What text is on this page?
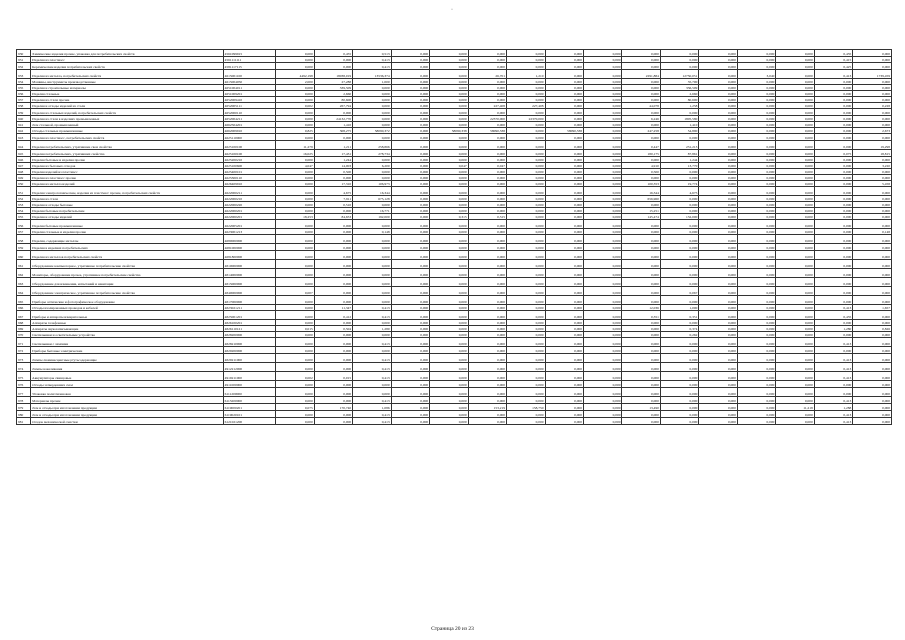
·
930	Химические изделия прочие, упаковка для потребительских свойств	4561099915	0,000	0,455	0,513	0,000	0,000	0,000	0,000	0,000	0,000	0,000	0,000	0,000	0,000	0,000	0,435	0,000
931	Изделия из пластмасс	4561111111	0,000	0,000	0,413	0,000	0,000	0,000	0,000	0,000	0,000	0,000	0,000	0,000	0,000	0,000	0,415	0,000
932	Керамические изделия потребительских свойств	4581117115	0,000	0,000	0,413	0,000	0,000	0,000	0,000	0,000	0,000	0,000	0,000	0,000	0,000	0,000	0,425	0,000
933	Изделия из металла, потребительских свойств	4615001100	4492,198	18038,019	13536,374	0,000	0,000	26,701	1,210	0,000	0,000	2291,884	12750,051	0,000	3,040	0,000	0,413	1739,459
934	Машины, инструменты производственные	4615004050	2,000	27,288	1,000	0,000	0,000	0,000	0,000	0,000	0,000	0,000	35,700	0,000	0,000	0,000	0,000	0,000
935	Изделия и строительные материалы	4651004011	0,000	339,509	0,000	0,000	0,000	0,000	0,000	0,000	0,000	0,000	336,509	0,000	0,000	0,000	0,000	0,000
936	Изделия стальные	4651009201	0,000	2,660	0,000	0,000	0,000	0,000	0,000	0,000	0,000	0,000	2,660	0,000	0,000	0,000	0,000	0,000
937	Изделия из стали прочие	4652009410	0,000	80,600	0,000	0,000	0,000	0,000	0,000	0,000	0,000	0,000	80,600	0,000	0,000	0,000	0,000	0,000
938	Изделия и отходы изделий из стали	4652005111	0,002	267,794	0,000	0,000	0,000	227,408	227,408	0,000	0,000	44,078	1,258	0,000	0,000	0,000	0,000	0,228
939	Изделия из стальных изделий, потребительских свойств	4652000110	0,000	0,000	0,000	0,000	0,000	0,000	0,000	0,000	0,000	0,000	0,000	0,000	0,000	0,000	0,000	0,000
940	Изделия из стали в изделиях промышленных	4652004211	0,000	24132,770	0,000	0,000	0,000	22370,000	22370,000	0,000	0,000	6,246	1805,580	0,000	0,000	0,000	0,000	0,000
941	Лом стальной, промышленный	4662504201	0,000	1,410	0,000	0,000	0,000	0,000	0,000	0,000	0,000	0,000	1,410	0,000	0,000	0,000	0,000	0,000
942	Отходы стальные промышленные	4662009910	0,825	308,275	58090,372	0,000	58090,338	58090,338	0,000	58090,338	0,000	247,258	54,890	0,000	0,000	0,000	0,000	2,673
943	Изделия из пластмасс, потребительских свойств	4625110000	0,000	0,000	0,000	0,000	0,000	0,000	0,000	0,000	0,000	0,000	0,000	0,000	0,000	0,000	0,000	0,000
944	Изделия потребительских, утратившие свои свойства	4625100100	11,279	1,211	258,866	0,000	0,000	0,000	0,000	0,000	0,000	0,447	231,213	0,000	0,000	0,000	0,000	19,298
945	Изделия потребительских, утративших свойства	4625100100	16,025	17,431	278,734	0,000	0,000	0,000	0,000	0,000	0,000	180,175	87,861	0,000	0,000	0,000	0,075	18,815
946	Изделия бытовые и изделия прочие	4625200210	0,000	1,244	0,000	0,000	0,000	0,000	0,000	0,000	0,000	0,000	1,244	0,000	0,000	0,000	0,000	0,000
947	Изделия из бытовых отходов	4625100600	4,047	14,003	6,200	0,000	0,047	0,047	0,000	0,000	0,000	4,910	13,770	0,000	0,000	0,000	0,000	3,220
948	Изделия изделий из пластмасс	4625400101	0,000	0,500	0,000	0,000	0,000	0,000	0,000	0,000	0,000	0,500	0,000	0,000	0,000	0,000	0,000	0,000
949	Изделия из пластмасс прочие	4625300110	0,000	0,000	0,000	0,000	0,000	0,000	0,000	0,000	0,000	0,000	0,000	0,000	0,000	0,000	0,000	0,000
950	Изделия из металла изделий	4626409910	0,000	17,310	106,973	0,000	0,000	0,000	0,000	0,000	0,000	100,353	19,774	0,000	0,000	0,000	0,000	5,458
951	Изделия электротехнические, изделия из пластмасс прочие, потребительских свойств	4622000211	0,000	4,675	16,344	0,000	0,000	0,000	0,000	0,000	0,000	16,344	4,675	0,000	0,000	0,000	0,000	0,000
952	Изделия из стали	4622000210	0,000	7,911	675,128	0,000	0,000	0,000	0,000	0,000	0,000	656,960	0,000	0,000	0,000	0,000	0,000	0,000
953	Изделия и отходы бытовые	4622000220	0,000	0,510	0,000	0,000	0,000	0,000	0,000	0,000	0,000	0,000	0,000	0,000	0,000	0,000	0,000	0,000
954	Изделия бытовые потребительские	4622000201	0,000	0,000	16,771	0,000	0,000	0,000	0,000	0,000	0,000	15,251	0,000	0,000	0,000	0,000	0,000	0,000
955	Изделия и отходы изделий	4622000201	18,253	84,653	192,000	0,000	0,315	0,315	0,000	0,000	0,000	145,474	132,000	0,000	0,000	0,000	0,000	0,000
956	Изделия бытовые промышленные	4622005201	0,000	0,000	0,000	0,000	0,000	0,000	0,000	0,000	0,000	0,000	0,000	0,000	0,000	0,000	0,000	0,000
957	Изделия стальные и изделия прочие	4623001213	0,000	0,000	0,148	0,000	0,000	0,000	0,000	0,000	0,000	0,000	0,000	0,000	0,000	0,000	0,000	0,148
958	Изделия, содержащие металлы	4680000000	0,000	0,000	0,000	0,000	0,000	0,000	0,000	0,000	0,000	0,000	0,000	0,000	0,000	0,000	0,000	0,000
959	Изделия в изделиях потребительских	4681000000	0,000	0,000	0,000	0,000	0,000	0,000	0,000	0,000	0,000	0,000	0,000	0,000	0,000	0,000	0,000	0,000
960	Изделия из металлов потребительских свойств	4681800000	0,000	0,000	0,000	0,000	0,000	0,000	0,000	0,000	0,000	0,000	0,000	0,000	0,000	0,000	0,000	0,000
961	Оборудование компьютерное, утратившее потребительские свойства	4810000000	0,000	0,000	0,000	0,000	0,000	0,000	0,000	0,000	0,000	0,000	0,000	0,000	0,000	0,000	0,000	0,000
962	Мониторы, оборудование прочее, утратившее потребительские свойства	4814000000	0,000	0,000	0,000	0,000	0,000	0,000	0,000	0,000	0,000	0,000	0,000	0,000	0,000	0,000	0,000	0,000
963	Оборудование для изменения, испытаний и навигации	4815000000	0,000	0,000	0,000	0,000	0,000	0,000	0,000	0,000	0,000	0,000	0,000	0,000	0,000	0,000	0,000	0,000
964	Оборудование электрическое, утратившее потребительские свойства	4840000000	0,007	0,000	0,000	0,000	0,000	0,000	0,000	0,000	0,000	0,000	0,067	0,000	0,000	0,000	0,000	0,000
965	Приборы оптические и фотографическое оборудование	4817000000	0,000	0,000	0,000	0,000	0,000	0,000	0,000	0,000	0,000	0,000	0,000	0,000	0,000	0,000	0,000	0,000
966	Отходы изолированных проводов и кабелей	4823021211	0,000	11,347	0,413	0,000	0,000	0,000	0,000	0,000	0,000	12,036	1,000	0,000	0,000	0,000	0,413	1,657
967	Приборы и аппараты измерительные	4825001201	0,000	0,412	0,413	0,000	0,000	0,000	0,000	0,000	0,000	0,351	0,351	0,000	0,000	0,000	0,435	0,000
968	Аппараты телефонные	4826100201	0,000	0,000	0,000	0,000	0,000	0,000	0,000	0,000	0,000	0,000	0,000	0,000	0,000	0,000	0,000	0,000
969	Аппараты звукозаписывающие	4826110121	0,015	0,504	1,280	0,000	0,000	0,000	0,000	0,000	0,000	0,000	0,374	0,000	0,000	0,000	1,280	0,826
970	Светильники и осветительные устройства	4828200000	0,000	0,000	0,000	0,000	0,000	0,000	0,000	0,000	0,000	0,000	0,262	0,000	0,000	0,000	0,000	0,000
971	Светильники с лампами	4828210000	0,000	0,000	0,413	0,000	0,000	0,000	0,000	0,000	0,000	0,000	0,000	0,000	0,000	0,000	0,413	0,000
972	Приборы бытовые электрические	4829200000	0,000	0,000	0,000	0,000	0,000	0,000	0,000	0,000	0,000	0,000	0,000	0,000	0,000	0,000	0,000	0,000
973	Лампы люминесцентные ртутьсодержащие	4829211000	0,000	0,000	0,413	0,000	0,000	0,000	0,000	0,000	0,000	0,000	0,000	0,000	0,000	0,000	0,413	0,000
974	Лампы накаливания	4912212000	0,000	0,000	0,413	0,000	0,000	0,000	0,000	0,000	0,000	0,000	0,000	0,000	0,000	0,000	0,413	0,000
975	Аккумуляторы свинцовые	4919211000	0,002	0,015	0,413	0,000	0,000	0,000	0,000	0,000	0,000	0,000	0,000	0,000	0,000	0,000	0,413	0,000
976	Отходы затвердевших смол	4911000000	0,000	0,000	0,000	0,000	0,000	0,000	0,000	0,000	0,000	0,000	0,000	0,000	0,000	0,000	0,000	0,000
977	Упаковка полиэтиленовая	6111200000	0,000	0,000	0,000	0,000	0,000	0,000	0,000	0,000	0,000	0,000	0,000	0,000	0,000	0,000	0,000	0,000
978	Материалы прочие	6113200000	0,000	0,000	0,413	0,000	0,000	0,000	0,000	0,000	0,000	0,000	0,000	0,000	0,000	0,000	0,413	0,000
979	Лом и отходы при изготовлении продукции	6119000201	0,075	170,740	1,086	0,000	0,000	153,219	158,750	0,000	0,000	13,490	0,000	0,000	0,000	11,218	1,288	0,000
980	Лом и отходы при изготовлении продукции	6119020101	0,000	0,000	0,413	0,000	0,000	0,000	0,000	0,000	0,000	0,000	0,000	0,000	0,000	0,000	0,413	0,000
981	Осадок механической очистки	6121021200	0,000	0,000	0,413	0,000	0,000	0,000	0,000	0,000	0,000	0,000	0,000	0,000	0,000	0,000	0,413	0,000
Страница 20 из 23
